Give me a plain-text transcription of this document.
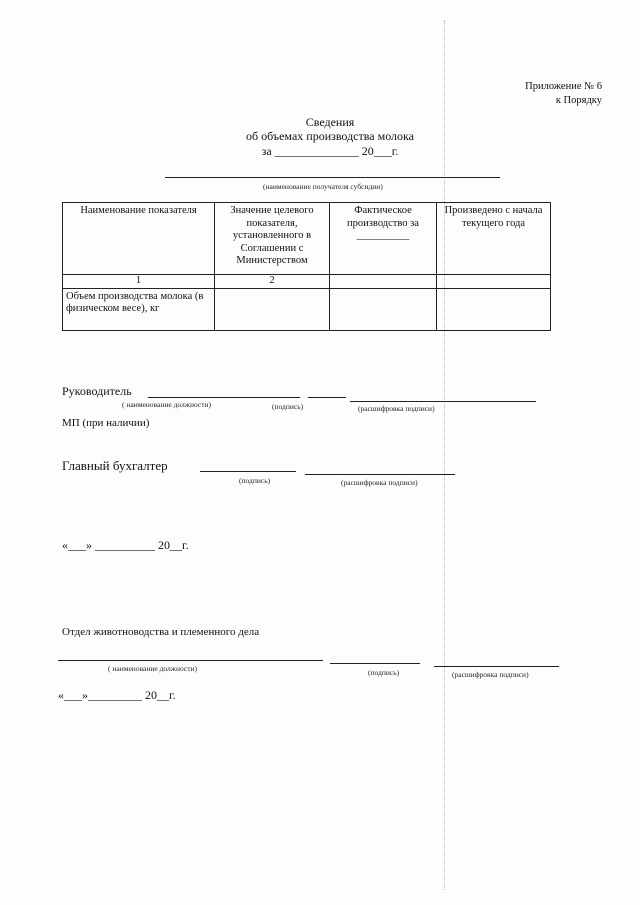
Приложение № 6
к Порядку
Сведения
об объемах производства молока
за ______________ 20___г.
(наименование получателя субсидии)
Наименование показателя	Значение целевого показателя, установленного в Соглашении с Министерством	Фактическое производство за __________	Произведено с начала текущего года
1	2		
Объем производства молока (в физическом весе), кг			
Руководитель
( наименование должности)	(подпись)	(расшифровка подписи)
МП (при наличии)
Главный бухгалтер
(подпись)	(расшифровка подписи)
«___» __________ 20__г.
Отдел животноводства и племенного дела
( наименование должности)	(подпись)	(расшифровка подписи)
«___»_________ 20__г.
